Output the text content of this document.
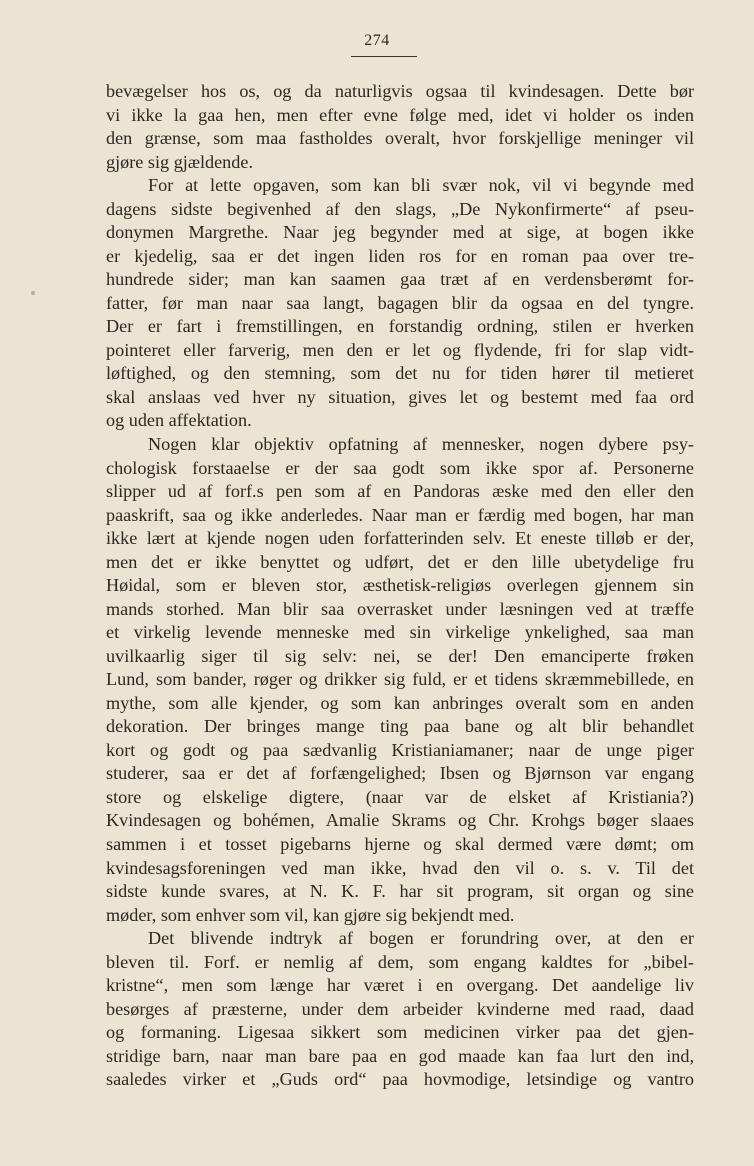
274
bevægelser hos os, og da naturligvis ogsaa til kvindesagen. Dette bør
vi ikke la gaa hen, men efter evne følge med, idet vi holder os inden
den grænse, som maa fastholdes overalt, hvor forskjellige meninger vil
gjøre sig gjældende.
For at lette opgaven, som kan bli svær nok, vil vi begynde med
dagens sidste begivenhed af den slags, „De Nykonfirmerte“ af pseu-
donymen Margrethe. Naar jeg begynder med at sige, at bogen ikke
er kjedelig, saa er det ingen liden ros for en roman paa over tre-
hundrede sider; man kan saamen gaa træt af en verdensberømt for-
fatter, før man naar saa langt, bagagen blir da ogsaa en del tyngre.
Der er fart i fremstillingen, en forstandig ordning, stilen er hverken
pointeret eller farverig, men den er let og flydende, fri for slap vidt-
løftighed, og den stemning, som det nu for tiden hører til metieret
skal anslaas ved hver ny situation, gives let og bestemt med faa ord
og uden affektation.
Nogen klar objektiv opfatning af mennesker, nogen dybere psy-
chologisk forstaaelse er der saa godt som ikke spor af. Personerne
slipper ud af forf.s pen som af en Pandoras æske med den eller den
paaskrift, saa og ikke anderledes. Naar man er færdig med bogen, har man
ikke lært at kjende nogen uden forfatterinden selv. Et eneste tilløb er der,
men det er ikke benyttet og udført, det er den lille ubetydelige fru
Høidal, som er bleven stor, æsthetisk-religiøs overlegen gjennem sin
mands storhed. Man blir saa overrasket under læsningen ved at træffe
et virkelig levende menneske med sin virkelige ynkelighed, saa man
uvilkaarlig siger til sig selv: nei, se der! Den emanciperte frøken
Lund, som bander, røger og drikker sig fuld, er et tidens skræmmebillede, en
mythe, som alle kjender, og som kan anbringes overalt som en anden
dekoration. Der bringes mange ting paa bane og alt blir behandlet
kort og godt og paa sædvanlig Kristianiamaner; naar de unge piger
studerer, saa er det af forfængelighed; Ibsen og Bjørnson var engang
store og elskelige digtere, (naar var de elsket af Kristiania?)
Kvindesagen og bohémen, Amalie Skrams og Chr. Krohgs bøger slaaes
sammen i et tosset pigebarns hjerne og skal dermed være dømt; om
kvindesagsforeningen ved man ikke, hvad den vil o. s. v. Til det
sidste kunde svares, at N. K. F. har sit program, sit organ og sine
møder, som enhver som vil, kan gjøre sig bekjendt med.
Det blivende indtryk af bogen er forundring over, at den er
bleven til. Forf. er nemlig af dem, som engang kaldtes for „bibel-
kristne“, men som længe har været i en overgang. Det aandelige liv
besørges af præsterne, under dem arbeider kvinderne med raad, daad
og formaning. Ligesaa sikkert som medicinen virker paa det gjen-
stridige barn, naar man bare paa en god maade kan faa lurt den ind,
saaledes virker et „Guds ord“ paa hovmodige, letsindige og vantro
